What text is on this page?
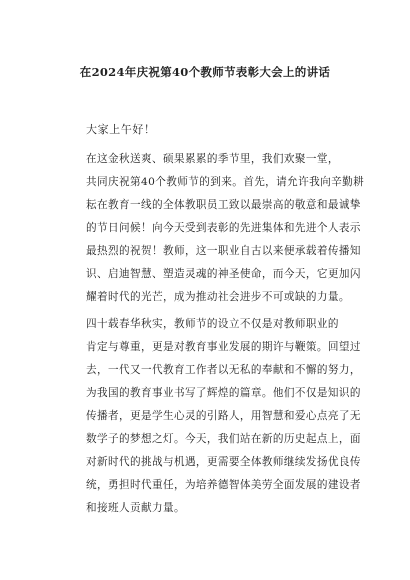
在2024年庆祝第40个教师节表彰大会上的讲话
大家上午好！
在这金秋送爽、硕果累累的季节里，我们欢聚一堂，
共同庆祝第40个教师节的到来。首先，请允许我向辛勤耕
耘在教育一线的全体教职员工致以最崇高的敬意和最诚挚
的节日问候！向今天受到表彰的先进集体和先进个人表示
最热烈的祝贺！教师，这一职业自古以来便承载着传播知
识、启迪智慧、塑造灵魂的神圣使命，而今天，它更加闪
耀着时代的光芒，成为推动社会进步不可或缺的力量。
四十载春华秋实，教师节的设立不仅是对教师职业的
肯定与尊重，更是对教育事业发展的期许与鞭策。回望过
去，一代又一代教育工作者以无私的奉献和不懈的努力，
为我国的教育事业书写了辉煌的篇章。他们不仅是知识的
传播者，更是学生心灵的引路人，用智慧和爱心点亮了无
数学子的梦想之灯。今天，我们站在新的历史起点上，面
对新时代的挑战与机遇，更需要全体教师继续发扬优良传
统，勇担时代重任，为培养德智体美劳全面发展的建设者
和接班人贡献力量。
